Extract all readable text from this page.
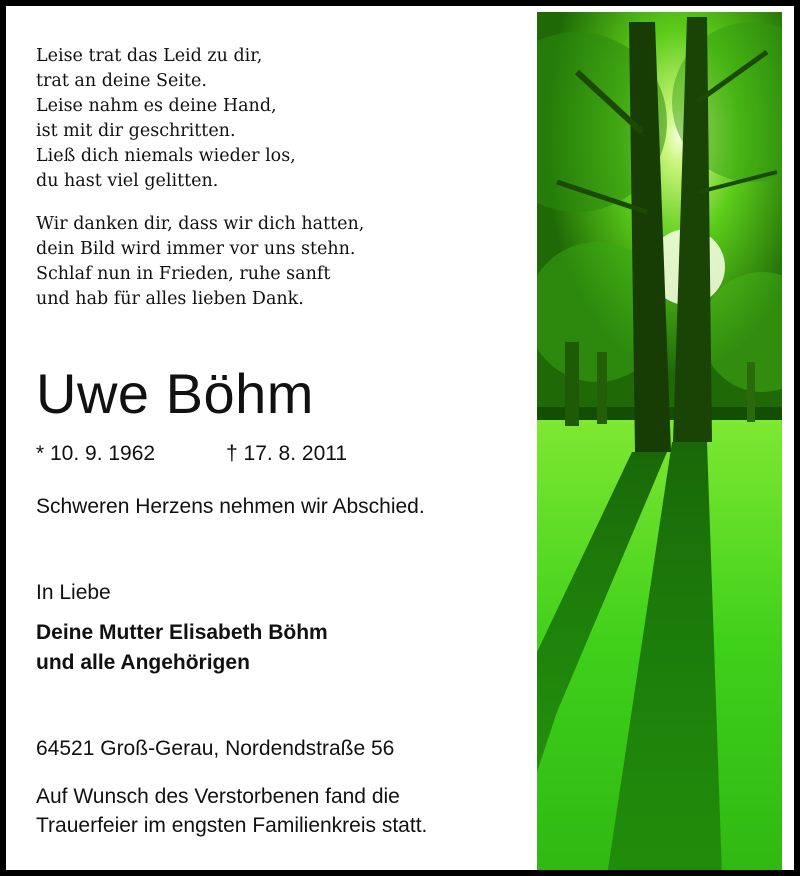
Leise trat das Leid zu dir,
trat an deine Seite.
Leise nahm es deine Hand,
ist mit dir geschritten.
Ließ dich niemals wieder los,
du hast viel gelitten.
Wir danken dir, dass wir dich hatten,
dein Bild wird immer vor uns stehn.
Schlaf nun in Frieden, ruhe sanft
und hab für alles lieben Dank.
Uwe Böhm
* 10. 9. 1962	† 17. 8. 2011
Schweren Herzens nehmen wir Abschied.
In Liebe
Deine Mutter Elisabeth Böhm
und alle Angehörigen
64521 Groß-Gerau, Nordendstraße 56
Auf Wunsch des Verstorbenen fand die
Trauerfeier im engsten Familienkreis statt.
